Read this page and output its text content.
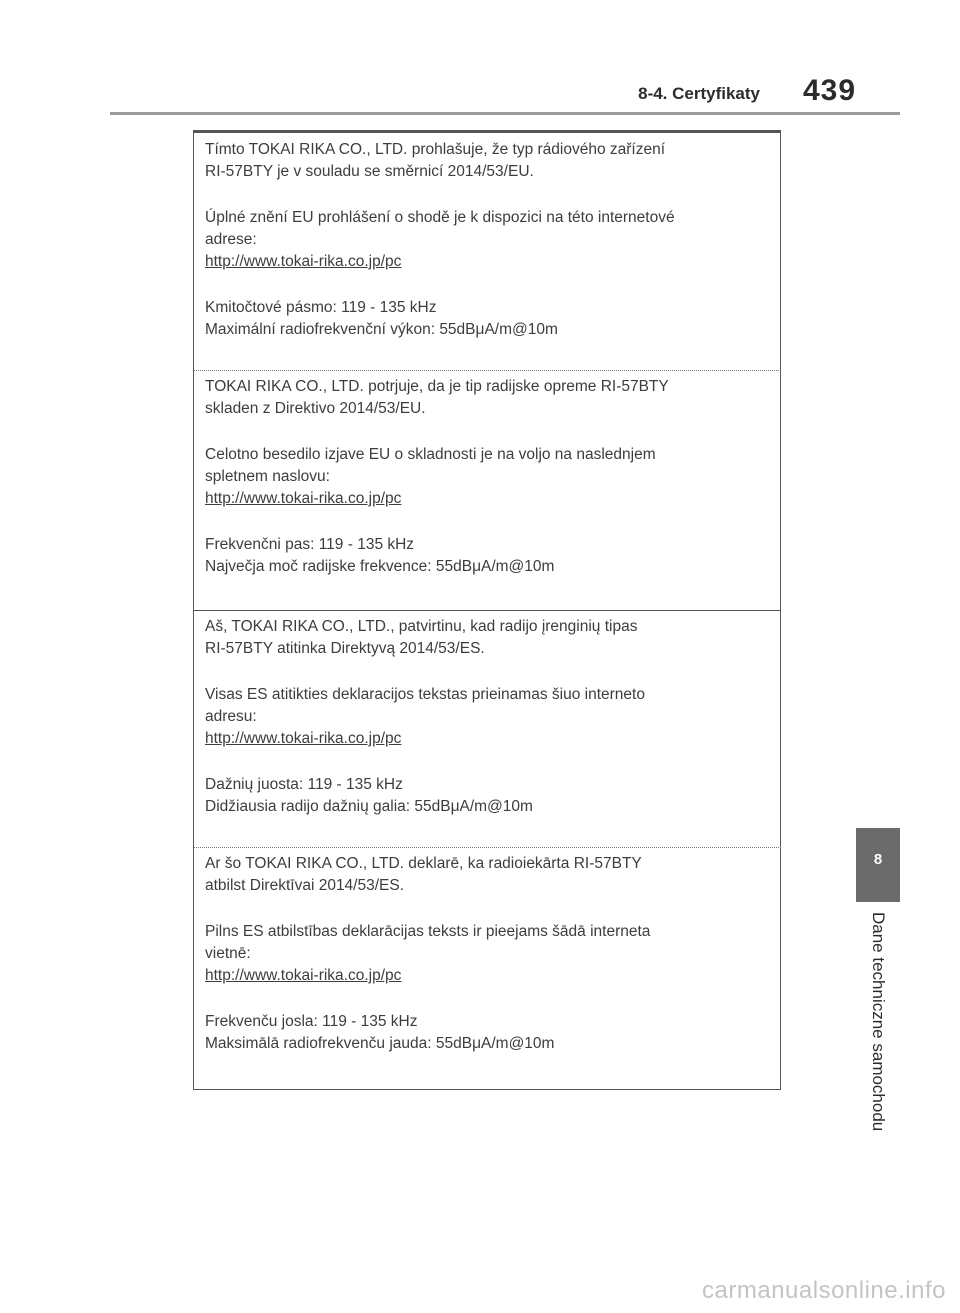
8-4. Certyfikaty 439

Tímto TOKAI RIKA CO., LTD. prohlašuje, že typ rádiového zařízení

RI-57BTY je v souladu se směrnicí 2014/53/EU.

Úplné znění EU prohlášení o shodě je k dispozici na této internetové

adrese:

http://www.tokai-rika.co.jp/pc

Kmitočtové pásmo: 119 - 135 kHz

Maximální radiofrekvenční výkon: 55dBμA/m@10m

TOKAI RIKA CO., LTD. potrjuje, da je tip radijske opreme RI-57BTY

skladen z Direktivo 2014/53/EU.

Celotno besedilo izjave EU o skladnosti je na voljo na naslednjem

spletnem naslovu:

http://www.tokai-rika.co.jp/pc

Frekvenčni pas: 119 - 135 kHz

Največja moč radijske frekvence: 55dBμA/m@10m

Aš, TOKAI RIKA CO., LTD., patvirtinu, kad radijo įrenginių tipas

RI-57BTY atitinka Direktyvą 2014/53/ES.

Visas ES atitikties deklaracijos tekstas prieinamas šiuo interneto

adresu:

http://www.tokai-rika.co.jp/pc

Dažnių juosta: 119 - 135 kHz

Didžiausia radijo dažnių galia: 55dBμA/m@10m

Ar šo TOKAI RIKA CO., LTD. deklarē, ka radioiekārta RI-57BTY

atbilst Direktīvai 2014/53/ES.

Pilns ES atbilstības deklarācijas teksts ir pieejams šādā interneta

vietnē:

http://www.tokai-rika.co.jp/pc

Frekvenču josla: 119 - 135 kHz

Maksimālā radiofrekvenču jauda: 55dBμA/m@10m

8
Dane techniczne samochodu
carmanualsonline.info
